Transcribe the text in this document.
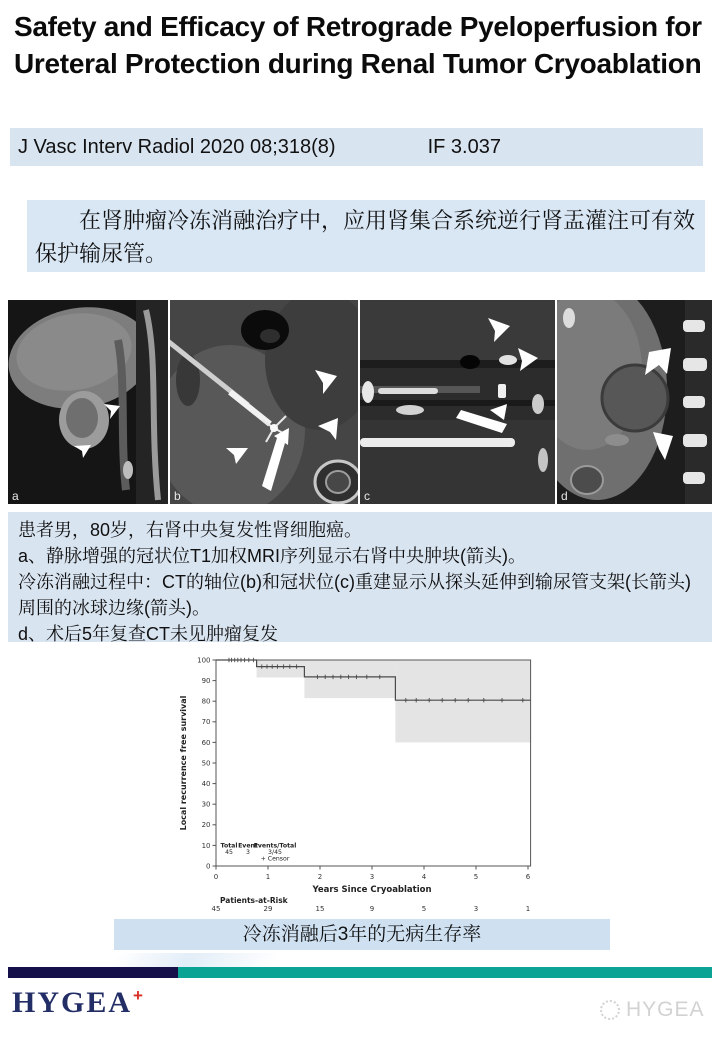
Safety and Efficacy of Retrograde Pyeloperfusion for Ureteral Protection during Renal Tumor Cryoablation
J Vasc Interv Radiol 2020 08;318(8)	IF 3.037

在肾肿瘤冷冻消融治疗中，应用肾集合系统逆行肾盂灌注可有效保护输尿管。

a	b	c	d
患者男，80岁，右肾中央复发性肾细胞癌。
a、静脉增强的冠状位T1加权MRI序列显示右肾中央肿块(箭头)。
冷冻消融过程中：CT的轴位(b)和冠状位(c)重建显示从探头延伸到输尿管支架(长箭头)周围的冰球边缘(箭头)。
d、术后5年复查CT未见肿瘤复发
0
10
20
30
40
50
60
70
80
90
100
0	1	2	3	4	5	6
Local recurrence free survival
Years Since Cryoablation
Total Event
Events/Total
45 3	3/45
+ Censor
Patients-at-Risk
45	29	15	9	5	3	1
冷冻消融后3年的无病生存率
HYGEA+
HYGEA
